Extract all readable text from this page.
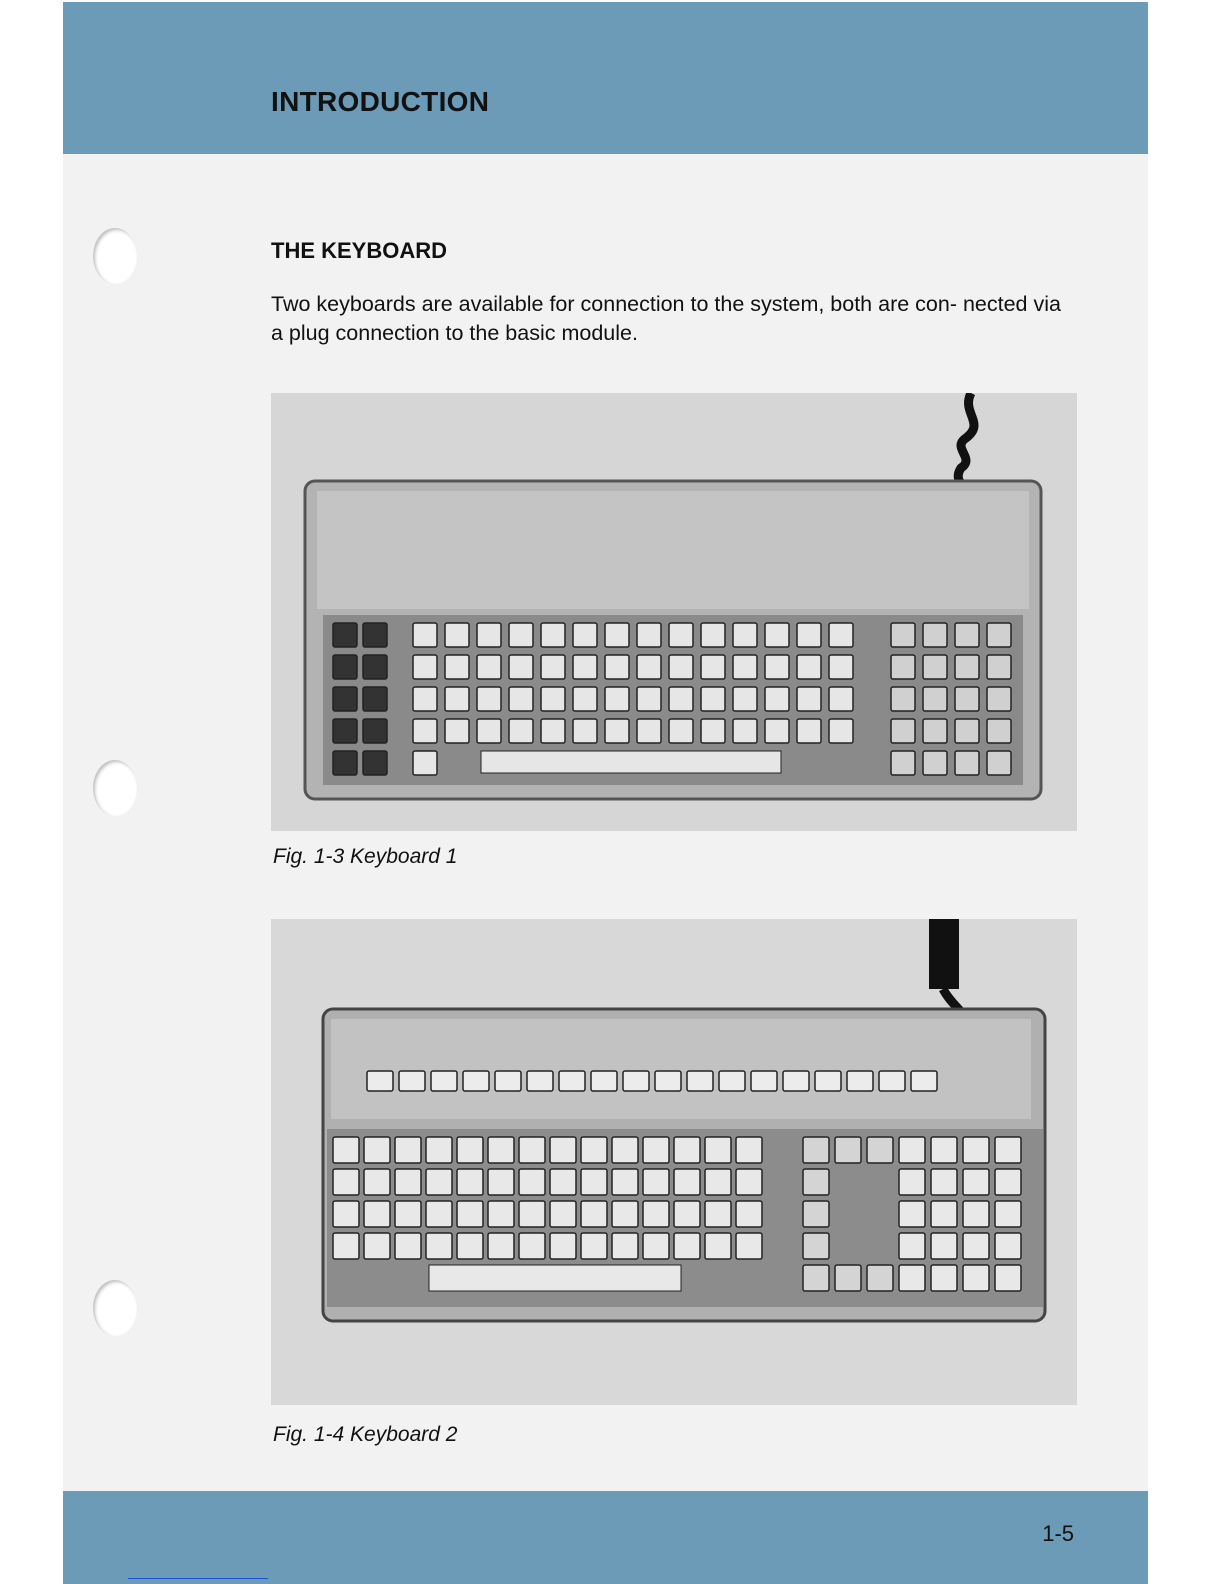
INTRODUCTION
THE KEYBOARD

Two keyboards are available for connection to the system, both are con- nected via a plug connection to the basic module.

Fig. 1-3 Keyboard 1

Fig. 1-4 Keyboard 2

1-5
